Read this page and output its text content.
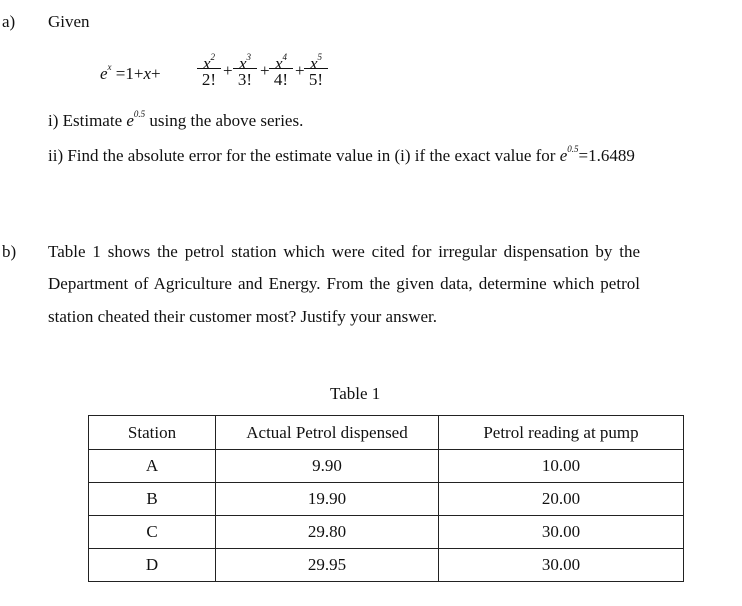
a) Given
$e^x =1+x+$
$x^2$
2! + $x^3$
3! + $x^4$
4! + $x^5$
5!
i) Estimate $e^{0.5}$ using the above series.
ii) Find the absolute error for the estimate value in (i) if the exact value for $e^{0.5}=1.6489$
b) Table 1 shows the petrol station which were cited for irregular dispensation by the
Department of Agriculture and Energy. From the given data, determine which petrol
station cheated their customer most? Justify your answer.
Table 1
Station	Actual Petrol dispensed	Petrol reading at pump
A	9.90	10.00
B	19.90	20.00
C	29.80	30.00
D	29.95	30.00
